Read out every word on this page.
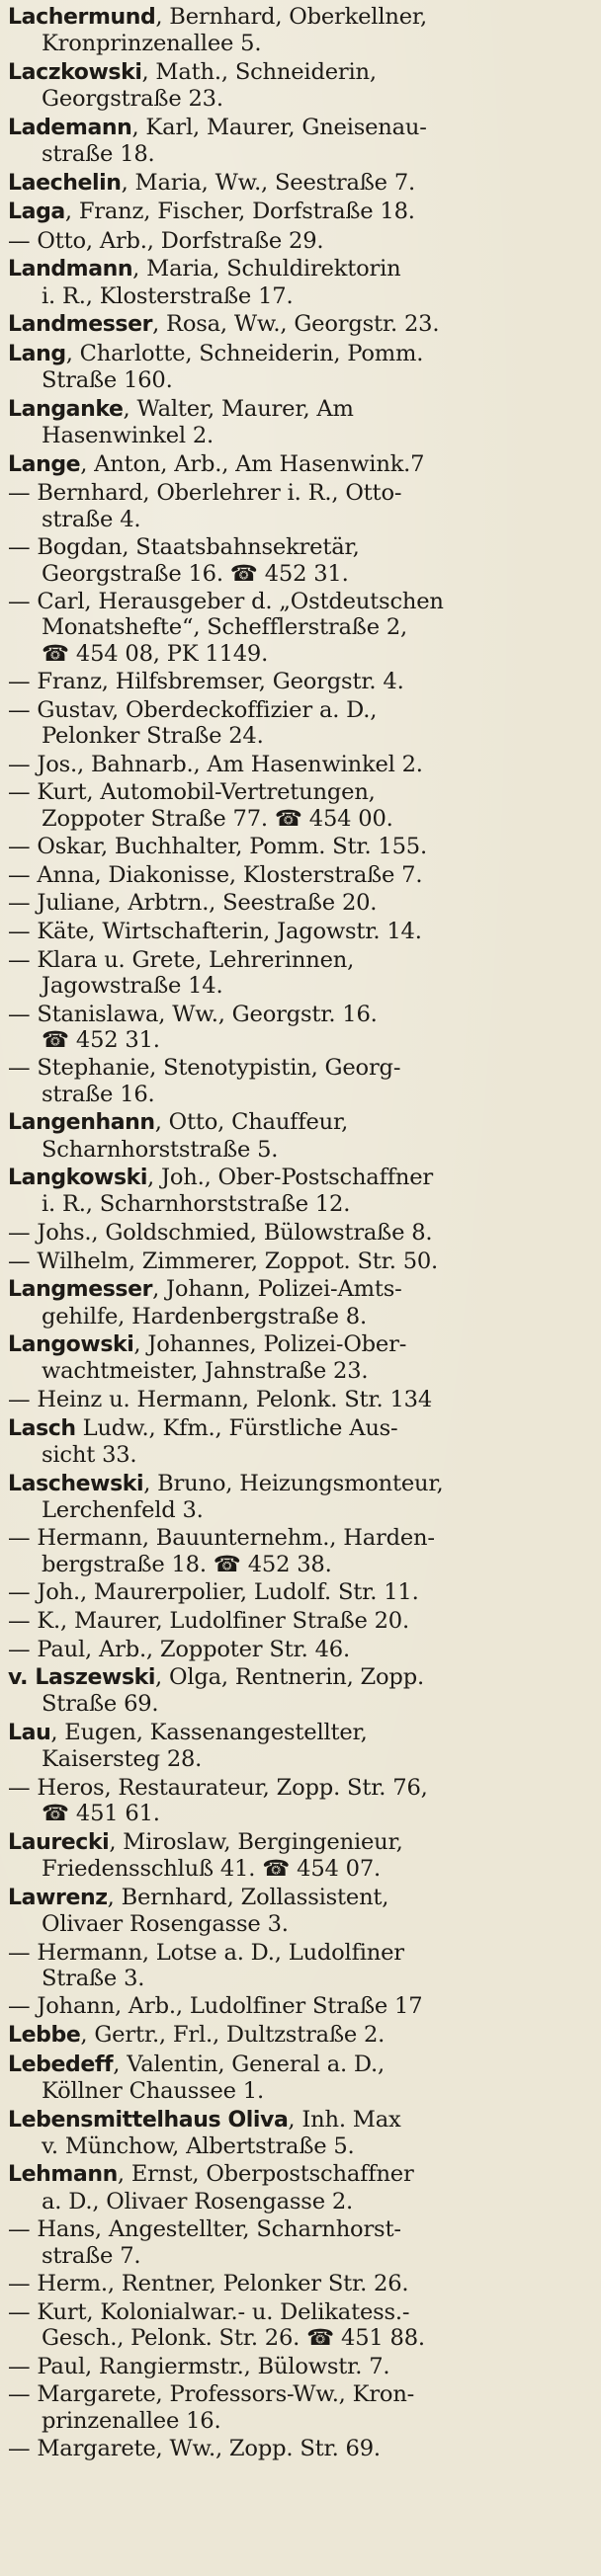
Lachermund, Bernhard, Oberkellner,
Kronprinzenallee 5.
Laczkowski, Math., Schneiderin,
Georgstraße 23.
Lademann, Karl, Maurer, Gneisenau-
straße 18.
Laechelin, Maria, Ww., Seestraße 7.
Laga, Franz, Fischer, Dorfstraße 18.
— Otto, Arb., Dorfstraße 29.
Landmann, Maria, Schuldirektorin
i. R., Klosterstraße 17.
Landmesser, Rosa, Ww., Georgstr. 23.
Lang, Charlotte, Schneiderin, Pomm.
Straße 160.
Langanke, Walter, Maurer, Am
Hasenwinkel 2.
Lange, Anton, Arb., Am Hasenwink.7
— Bernhard, Oberlehrer i. R., Otto-
straße 4.
— Bogdan, Staatsbahnsekretär,
Georgstraße 16. ☎ 452 31.
— Carl, Herausgeber d. „Ostdeutschen
Monatshefte“, Schefflerstraße 2,
☎ 454 08, PK 1149.
— Franz, Hilfsbremser, Georgstr. 4.
— Gustav, Oberdeckoffizier a. D.,
Pelonker Straße 24.
— Jos., Bahnarb., Am Hasenwinkel 2.
— Kurt, Automobil-Vertretungen,
Zoppoter Straße 77. ☎ 454 00.
— Oskar, Buchhalter, Pomm. Str. 155.
— Anna, Diakonisse, Klosterstraße 7.
— Juliane, Arbtrn., Seestraße 20.
— Käte, Wirtschafterin, Jagowstr. 14.
— Klara u. Grete, Lehrerinnen,
Jagowstraße 14.
— Stanislawa, Ww., Georgstr. 16.
☎ 452 31.
— Stephanie, Stenotypistin, Georg-
straße 16.
Langenhann, Otto, Chauffeur,
Scharnhorststraße 5.
Langkowski, Joh., Ober-Postschaffner
i. R., Scharnhorststraße 12.
— Johs., Goldschmied, Bülowstraße 8.
— Wilhelm, Zimmerer, Zoppot. Str. 50.
Langmesser, Johann, Polizei-Amts-
gehilfe, Hardenbergstraße 8.
Langowski, Johannes, Polizei-Ober-
wachtmeister, Jahnstraße 23.
— Heinz u. Hermann, Pelonk. Str. 134
Lasch Ludw., Kfm., Fürstliche Aus-
sicht 33.
Laschewski, Bruno, Heizungsmonteur,
Lerchenfeld 3.
— Hermann, Bauunternehm., Harden-
bergstraße 18. ☎ 452 38.
— Joh., Maurerpolier, Ludolf. Str. 11.
— K., Maurer, Ludolfiner Straße 20.
— Paul, Arb., Zoppoter Str. 46.
v. Laszewski, Olga, Rentnerin, Zopp.
Straße 69.
Lau, Eugen, Kassenangestellter,
Kaisersteg 28.
— Heros, Restaurateur, Zopp. Str. 76,
☎ 451 61.
Laurecki, Miroslaw, Bergingenieur,
Friedensschluß 41. ☎ 454 07.
Lawrenz, Bernhard, Zollassistent,
Olivaer Rosengasse 3.
— Hermann, Lotse a. D., Ludolfiner
Straße 3.
— Johann, Arb., Ludolfiner Straße 17
Lebbe, Gertr., Frl., Dultzstraße 2.
Lebedeff, Valentin, General a. D.,
Köllner Chaussee 1.
Lebensmittelhaus Oliva, Inh. Max
v. Münchow, Albertstraße 5.
Lehmann, Ernst, Oberpostschaffner
a. D., Olivaer Rosengasse 2.
— Hans, Angestellter, Scharnhorst-
straße 7.
— Herm., Rentner, Pelonker Str. 26.
— Kurt, Kolonialwar.- u. Delikatess.-
Gesch., Pelonk. Str. 26. ☎ 451 88.
— Paul, Rangiermstr., Bülowstr. 7.
— Margarete, Professors-Ww., Kron-
prinzenallee 16.
— Margarete, Ww., Zopp. Str. 69.
